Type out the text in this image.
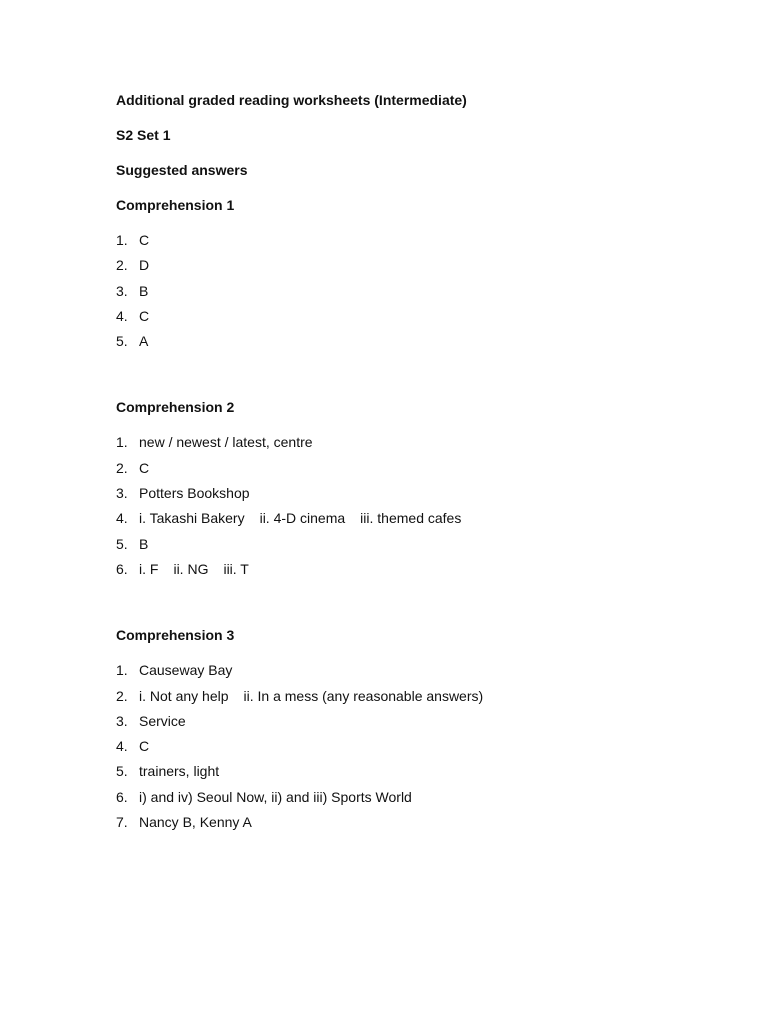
Additional graded reading worksheets (Intermediate)

S2 Set 1

Suggested answers

Comprehension 1

1. C
2. D
3. B
4. C
5. A

Comprehension 2

1. new / newest / latest, centre
2. C
3. Potters Bookshop
4. i. Takashi Bakery ii. 4-D cinema iii. themed cafes
5. B
6. i. F ii. NG iii. T

Comprehension 3

1. Causeway Bay
2. i. Not any help ii. In a mess (any reasonable answers)
3. Service
4. C
5. trainers, light
6. i) and iv) Seoul Now, ii) and iii) Sports World
7. Nancy B, Kenny A
